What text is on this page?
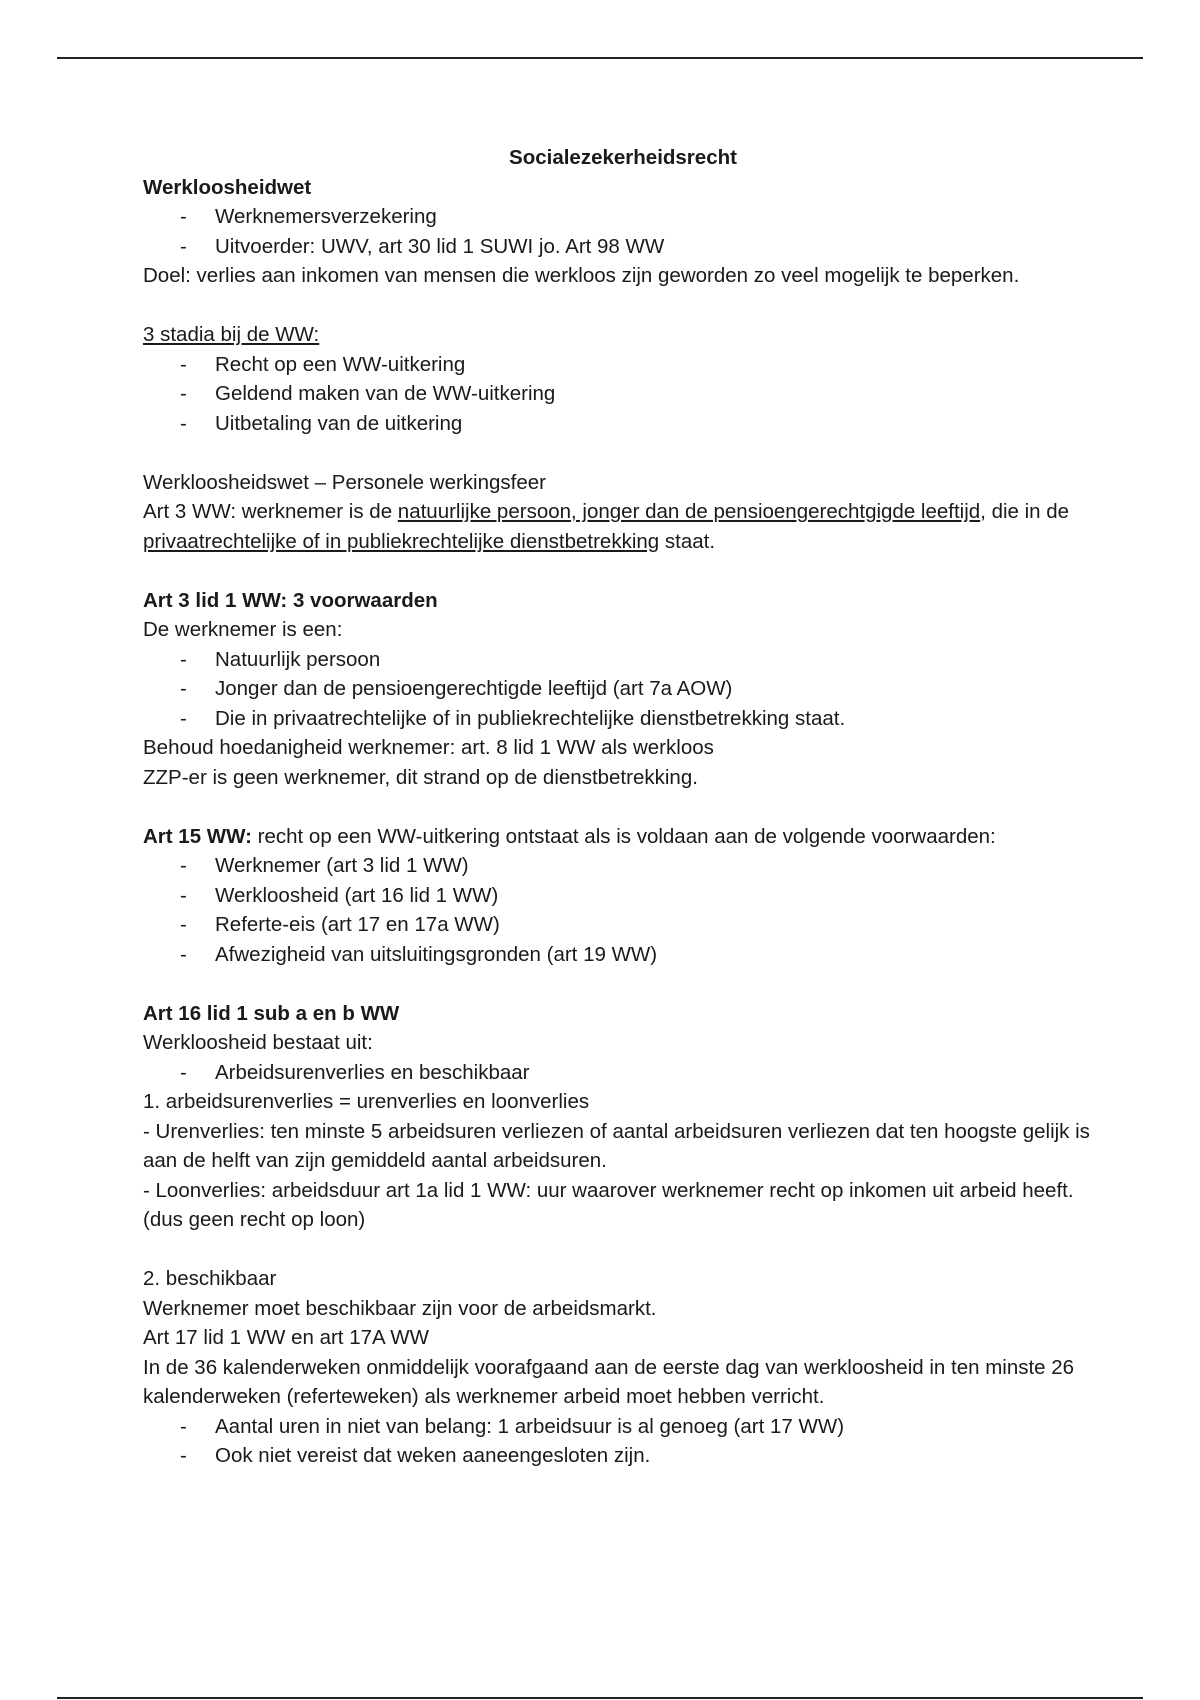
Socialezekerheidsrecht

Werkloosheidwet

- Werknemersverzekering
- Uitvoerder: UWV, art 30 lid 1 SUWI jo. Art 98 WW

Doel: verlies aan inkomen van mensen die werkloos zijn geworden zo veel mogelijk te beperken.

3 stadia bij de WW:

- Recht op een WW-uitkering
- Geldend maken van de WW-uitkering
- Uitbetaling van de uitkering

Werkloosheidswet – Personele werkingsfeer

Art 3 WW: werknemer is de natuurlijke persoon, jonger dan de pensioengerechtgigde leeftijd, die in de privaatrechtelijke of in publiekrechtelijke dienstbetrekking staat.

Art 3 lid 1 WW: 3 voorwaarden

De werknemer is een:

- Natuurlijk persoon
- Jonger dan de pensioengerechtigde leeftijd (art 7a AOW)
- Die in privaatrechtelijke of in publiekrechtelijke dienstbetrekking staat.

Behoud hoedanigheid werknemer: art. 8 lid 1 WW als werkloos

ZZP-er is geen werknemer, dit strand op de dienstbetrekking.

Art 15 WW: recht op een WW-uitkering ontstaat als is voldaan aan de volgende voorwaarden:

- Werknemer (art 3 lid 1 WW)
- Werkloosheid (art 16 lid 1 WW)
- Referte-eis (art 17 en 17a WW)
- Afwezigheid van uitsluitingsgronden (art 19 WW)

Art 16 lid 1 sub a en b WW

Werkloosheid bestaat uit:

- Arbeidsurenverlies en beschikbaar

1. arbeidsurenverlies = urenverlies en loonverlies

- Urenverlies: ten minste 5 arbeidsuren verliezen of aantal arbeidsuren verliezen dat ten hoogste gelijk is aan de helft van zijn gemiddeld aantal arbeidsuren.

- Loonverlies: arbeidsduur art 1a lid 1 WW: uur waarover werknemer recht op inkomen uit arbeid heeft. (dus geen recht op loon)

2. beschikbaar

Werknemer moet beschikbaar zijn voor de arbeidsmarkt.

Art 17 lid 1 WW en art 17A WW

In de 36 kalenderweken onmiddelijk voorafgaand aan de eerste dag van werkloosheid in ten minste 26 kalenderweken (referteweken) als werknemer arbeid moet hebben verricht.

- Aantal uren in niet van belang: 1 arbeidsuur is al genoeg (art 17 WW)
- Ook niet vereist dat weken aaneengesloten zijn.
